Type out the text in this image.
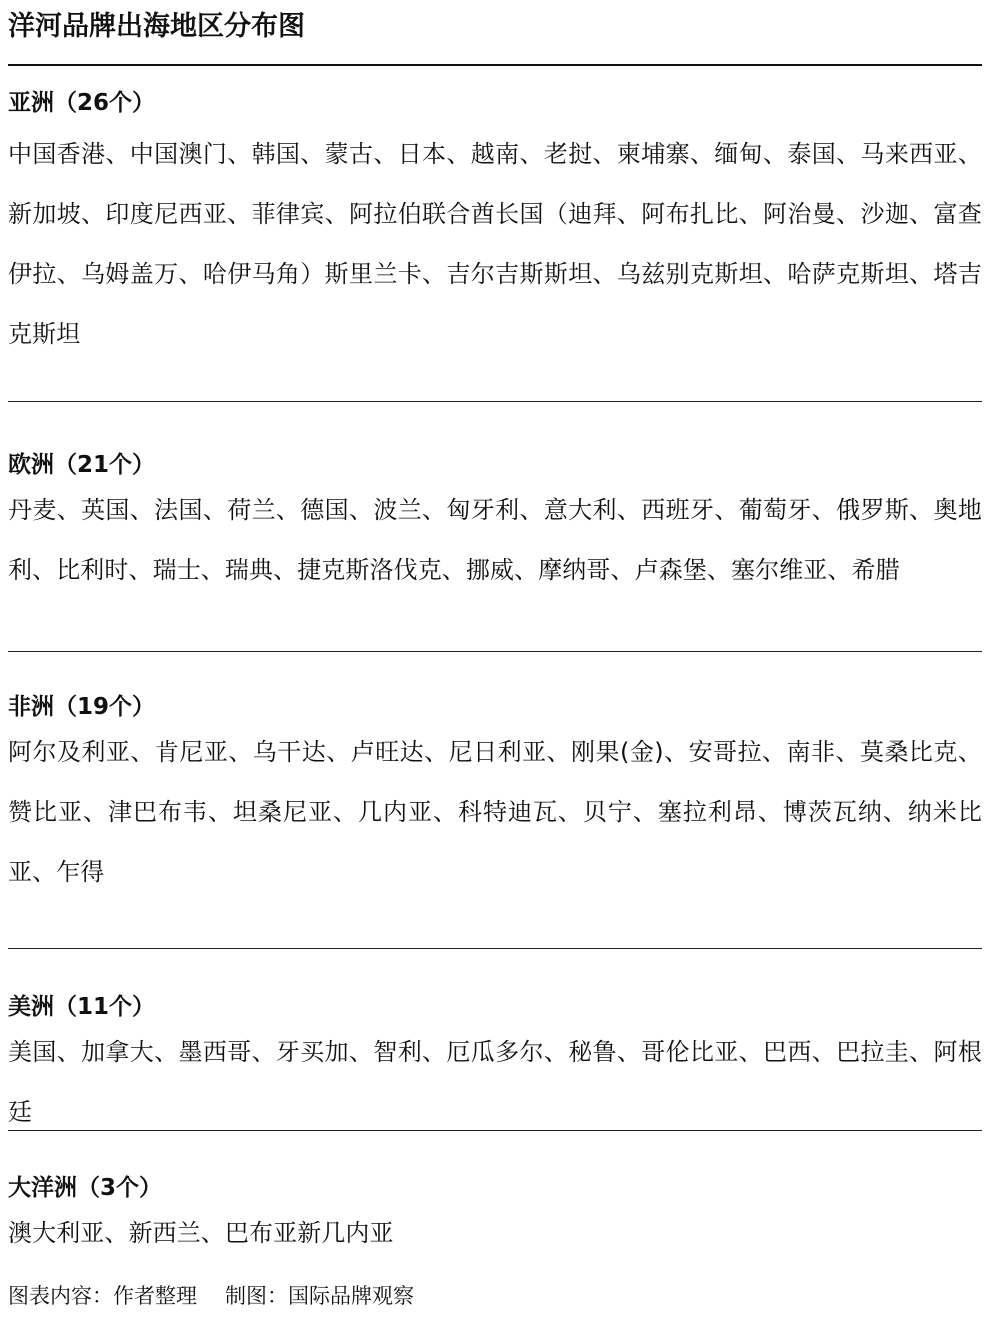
洋河品牌出海地区分布图
亚洲（26个）
中国香港、中国澳门、韩国、蒙古、日本、越南、老挝、柬埔寨、缅甸、泰国、马来西亚、新加坡、印度尼西亚、菲律宾、阿拉伯联合酋长国（迪拜、阿布扎比、阿治曼、沙迦、富查伊拉、乌姆盖万、哈伊马角）斯里兰卡、吉尔吉斯斯坦、乌兹别克斯坦、哈萨克斯坦、塔吉克斯坦
欧洲（21个）
丹麦、英国、法国、荷兰、德国、波兰、匈牙利、意大利、西班牙、葡萄牙、俄罗斯、奥地利、比利时、瑞士、瑞典、捷克斯洛伐克、挪威、摩纳哥、卢森堡、塞尔维亚、希腊
非洲（19个）
阿尔及利亚、肯尼亚、乌干达、卢旺达、尼日利亚、刚果(金)、安哥拉、南非、莫桑比克、赞比亚、津巴布韦、坦桑尼亚、几内亚、科特迪瓦、贝宁、塞拉利昂、博茨瓦纳、纳米比亚、乍得
美洲（11个）
美国、加拿大、墨西哥、牙买加、智利、厄瓜多尔、秘鲁、哥伦比亚、巴西、巴拉圭、阿根廷
大洋洲（3个）
澳大利亚、新西兰、巴布亚新几内亚
图表内容：作者整理 制图：国际品牌观察
